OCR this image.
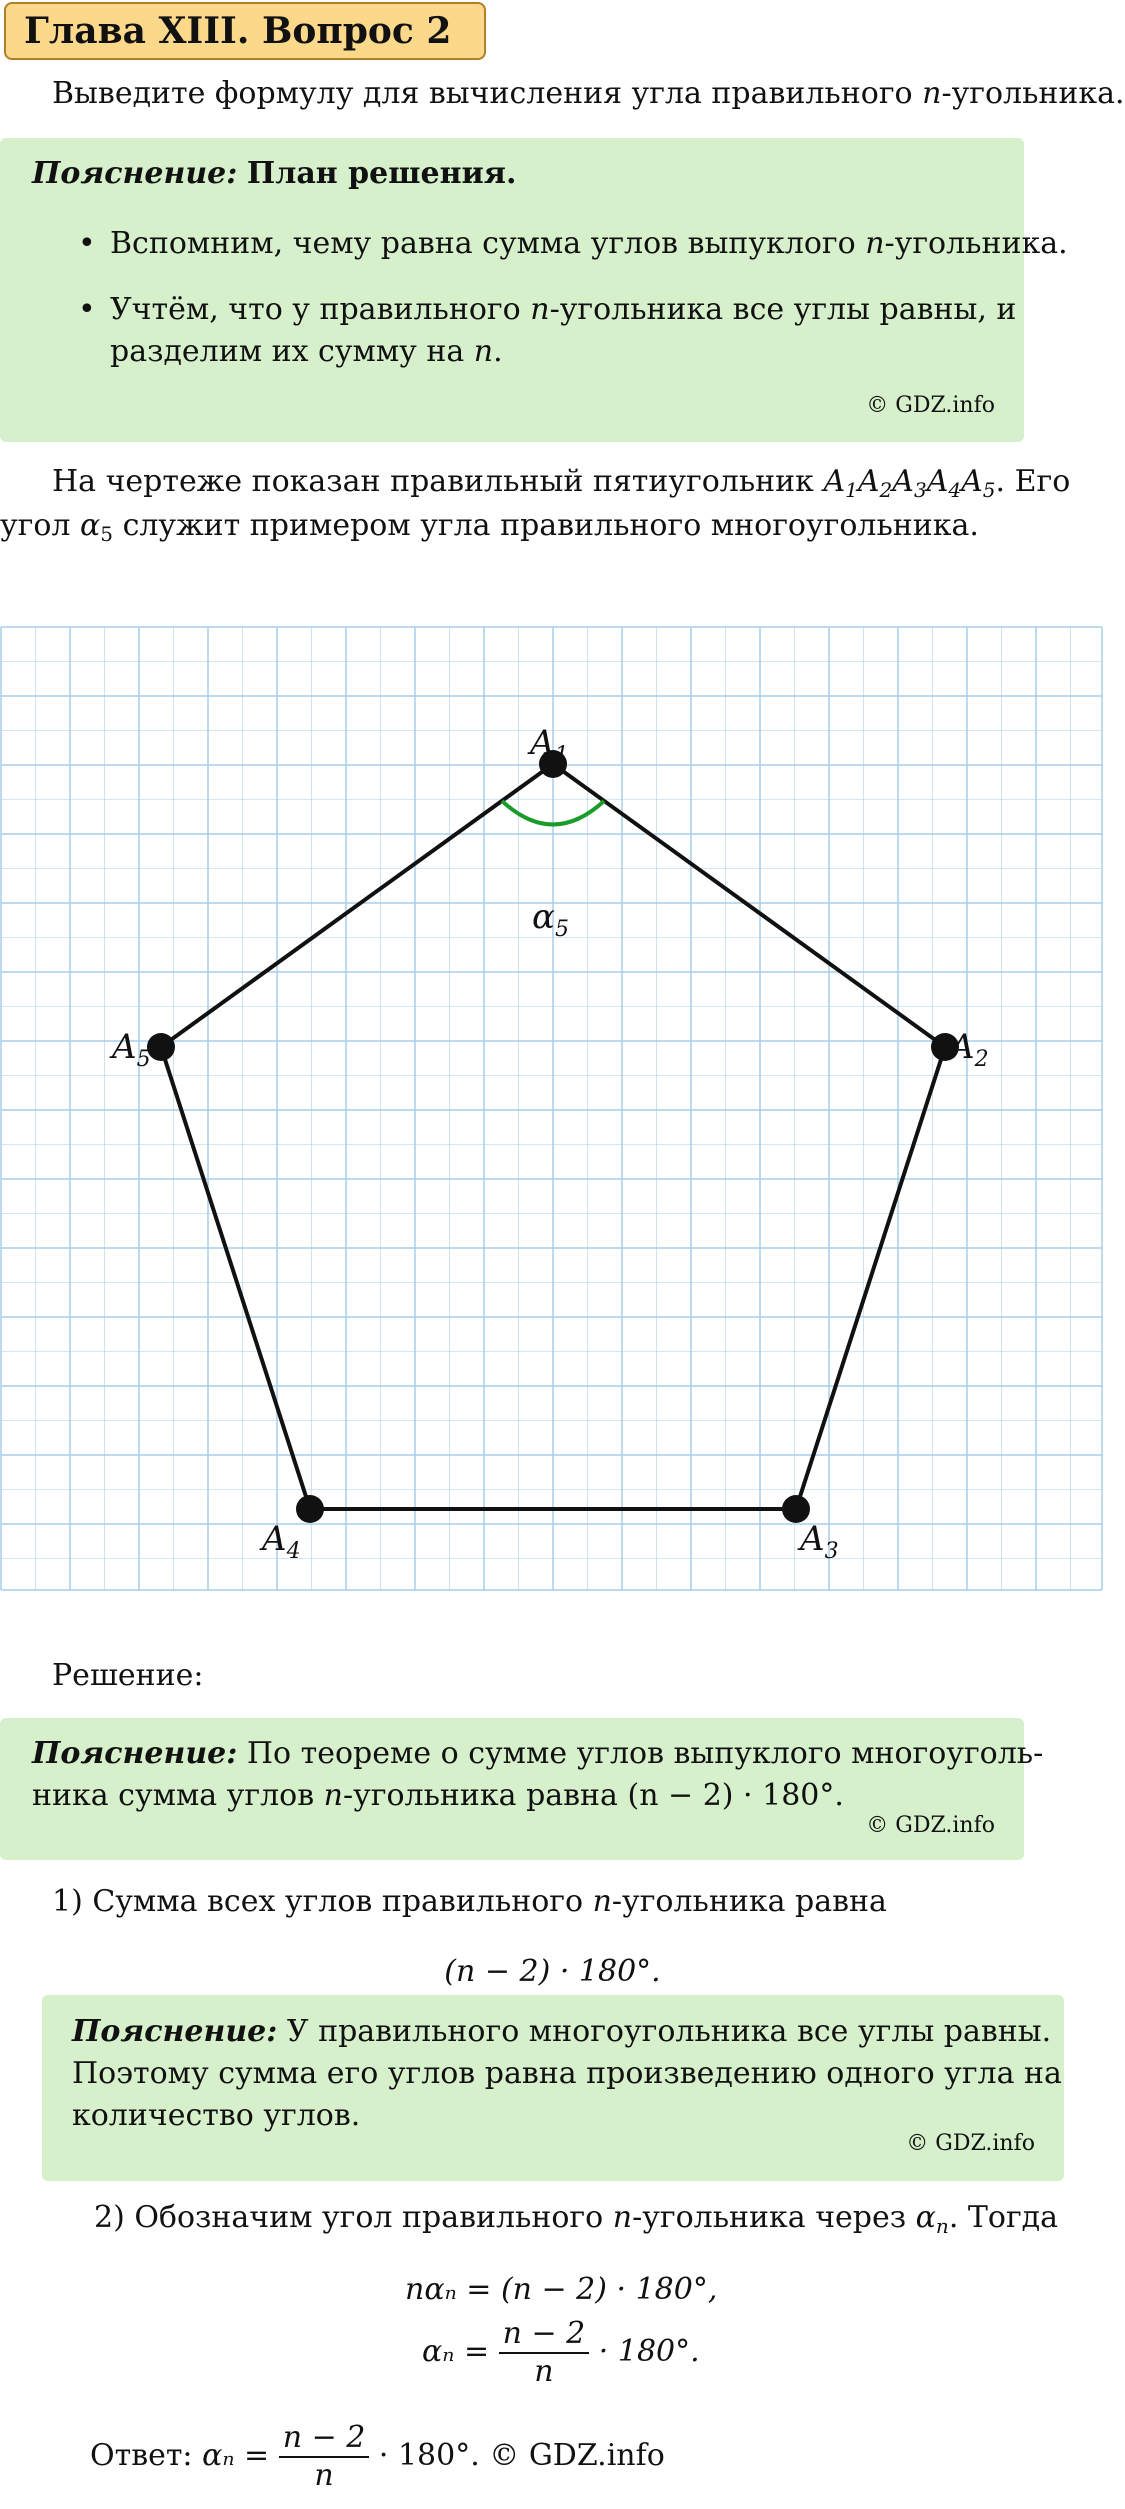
Глава XIII. Вопрос 2
Выведите формулу для вычисления угла правильного n-угольника.
Пояснение: План решения.
• Вспомним, чему равна сумма углов выпуклого n-угольника.
• Учтём, что у правильного n-угольника все углы равны, и
разделим их сумму на n.
© GDZ.info
На чертеже показан правильный пятиугольник $A_1A_2A_3A_4A_5$. Его
угол $\alpha_5$ служит примером угла правильного многоугольника.
$A_1$
$A_2$
$A_3$
$A_4$
$A_5$
$\alpha_5$
Решение:
Пояснение: По теореме о сумме углов выпуклого многоуголь-
ника сумма углов n-угольника равна (n − 2) · 180°.
© GDZ.info
1) Сумма всех углов правильного n-угольника равна
(n − 2) · 180°.
Пояснение: У правильного многоугольника все углы равны.
Поэтому сумма его углов равна произведению одного угла на
количество углов.
© GDZ.info
2) Обозначим угол правильного n-угольника через $\alpha_n$. Тогда
nαₙ = (n − 2) · 180°,
$\alpha_n = \frac{n - 2}{n} \cdot 180^\circ$.
Ответ: $\alpha_n = \frac{n - 2}{n} \cdot 180^\circ$. © GDZ.info
